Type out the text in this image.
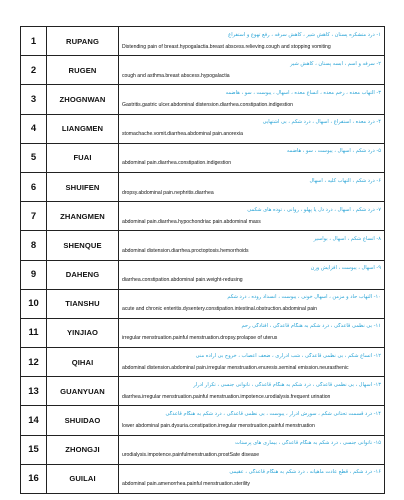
1	RUPANG	۱- درد متشکره پستان ، کاهش شیر ، کاهش سرفه ، رفع تهوع و استفراغ
Distending pain of breast.hypogalactia.breast abscess.relieving.cough and stopping vomiting

2	RUGEN	۲- سرفه و آسم ، آبسه پستان ، کاهش شیر
cough and asthma.breast abscess.hypogalactia

3	ZHOGNWAN	۳- التهاب معده ، زخم معده ، اتساع معده ، اسهال ، یبوست ، سو ، هاضمه
Gastritis.gastric ulcer.abdominal distension.diarrhea.constipation.indigestion

4	LIANGMEN	۴- درد معده ، استفراغ ، اسهال ، درد شکم ، بی اشتهایی
stomachache.vomit.diarrhea.abdominal pain.anorexia

5	FUAI	۵- درد شکم ، اسهال ، یبوست ، سو ، هاضمه
abdominal pain.diarrhea.constipation.indigestion

6	SHUIFEN	۶- درد شکم ، التهاب کلیه ، اسهال
dropsy.abdominal pain.nephritis.diarrhea

7	ZHANGMEN	۷- درد شکم ، اسهال ، درد دل یا پهلو ، روانی ، توده های شکمی
abdominal pain.diarrhea.hypochondriac pain.abdominal mass

8	SHENQUE	۸- اتساع شکم ، اسهال ، بواسیر
abdominal distension.diarrhea.proctoptosis.hemorrhoids

9	DAHENG	۹- اسهال ، یبوست ، افزایش وزن
diarrhea.constipation.abdominal pain.weight-redusing

10	TIANSHU	۱۰- التهاب حاد و مزمن ، اسهال خونی ، یبوست ، انسداد روده ، درد شکم
acute and chronic enteritis.dysentery.constipation.intestinal.obstruction.abdominal pain

11	YINJIAO	۱۱- بی نظمی قاعدگی ، درد شکم به هنگام قاعدگی ، افتادگی رحم
irregular menstruation.painful menstruation.dropsy.prolapse of uterus

12	QIHAI	۱۲- اتساع شکم ، بی نظمی قاعدگی ، شب ادراری ، ضعف اعصاب ، خروج بی اراده منی
abdominal distension.abdominal pain.irregular menstruation.enuresis.seminal emission.neurasthenic

13	GUANYUAN	۱۳- اسهال ، بی نظمی قاعدگی ، درد شکم به هنگام قاعدگی ، ناتوانی جنسی ، تکرار ادرار
diarrhea.irregular menstruation.painful menstruation.impotence.urodialysis.frequent urination

14	SHUIDAO	۱۴- درد قسمت تحتانی شکم ، سوزش ادرار ، یبوست ، بی نظمی قاعدگی ، درد شکم به هنگام قاعدگی
lower abdominal pain.dysuria.constipation.irregular menstruation.painful menstruation

15	ZHONGJI	۱۵- ناتوانی جنسی ، درد شکم به هنگام قاعدگی ، بیماری های پرستات
urodialysis.impotence.painfulmenstruation.prostSate disease

16	GUILAI	۱۶- درد شکم ، قطع عادت ماهیانه ، درد شکم به هنگام قاعدگی ، عقیمی
abdominal pain.amenorrhea.painful menstruation.sterility
